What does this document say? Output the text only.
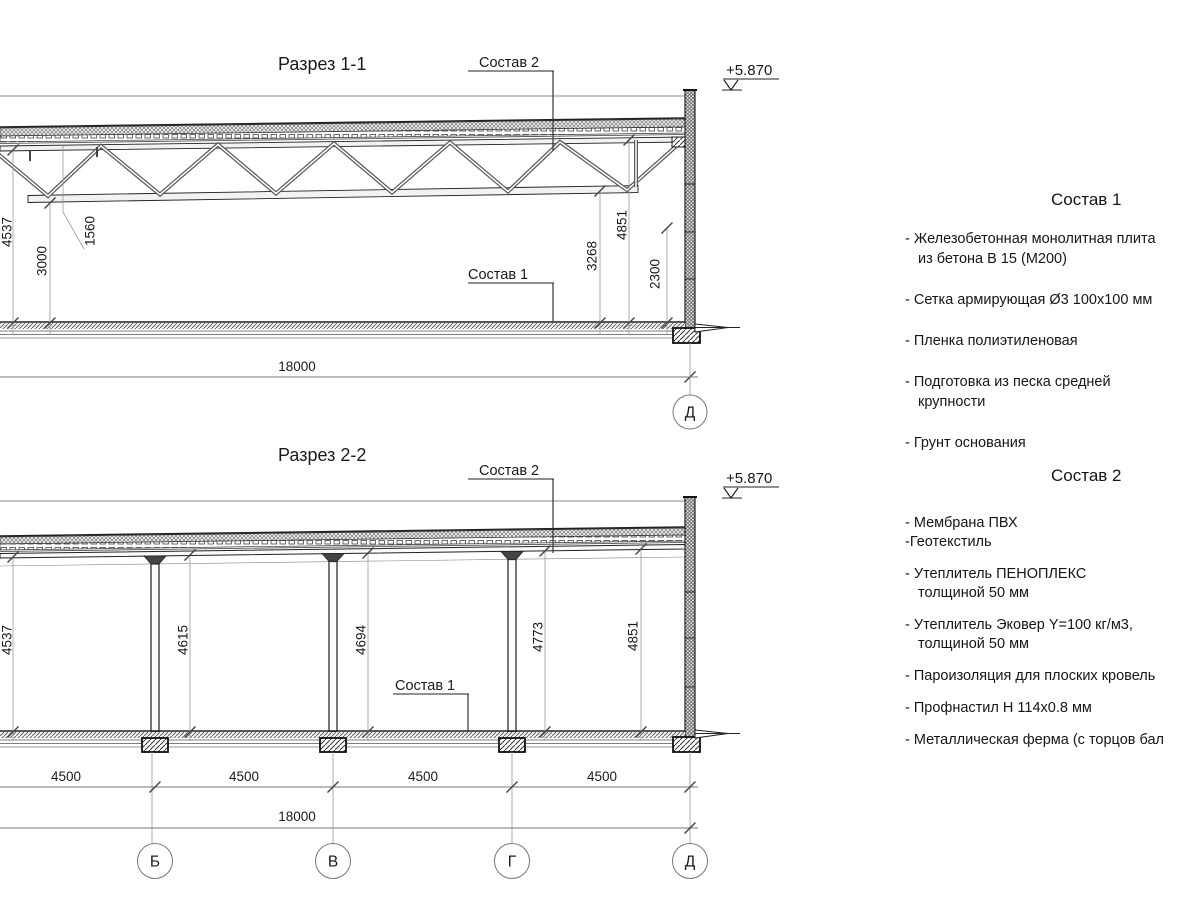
Разрез 1-1	+5.870
Состав 2
Состав 1
4537	1560
3000	3268
4851
2300
18000
Д
Разрез 2-2
+5.870
Состав 2
Состав 1
4537	4615	4694	4773	4851
4500	4500	4500	4500
18000
Б	В	Г	Д
Состав 1
- Железобетонная монолитная плита
из бетона В 15 (М200)
- Сетка армирующая Ø3 100х100 мм
- Пленка полиэтиленовая
- Подготовка из песка средней
крупности
- Грунт основания
Состав 2
- Мембрана ПВХ
-Геотекстиль
- Утеплитель ПЕНОПЛЕКС
толщиной 50 мм
- Утеплитель Эковер Y=100 кг/м3,
толщиной 50 мм
- Пароизоляция для плоских кровель
- Профнастил Н 114х0.8 мм
- Металлическая ферма (с торцов бал
